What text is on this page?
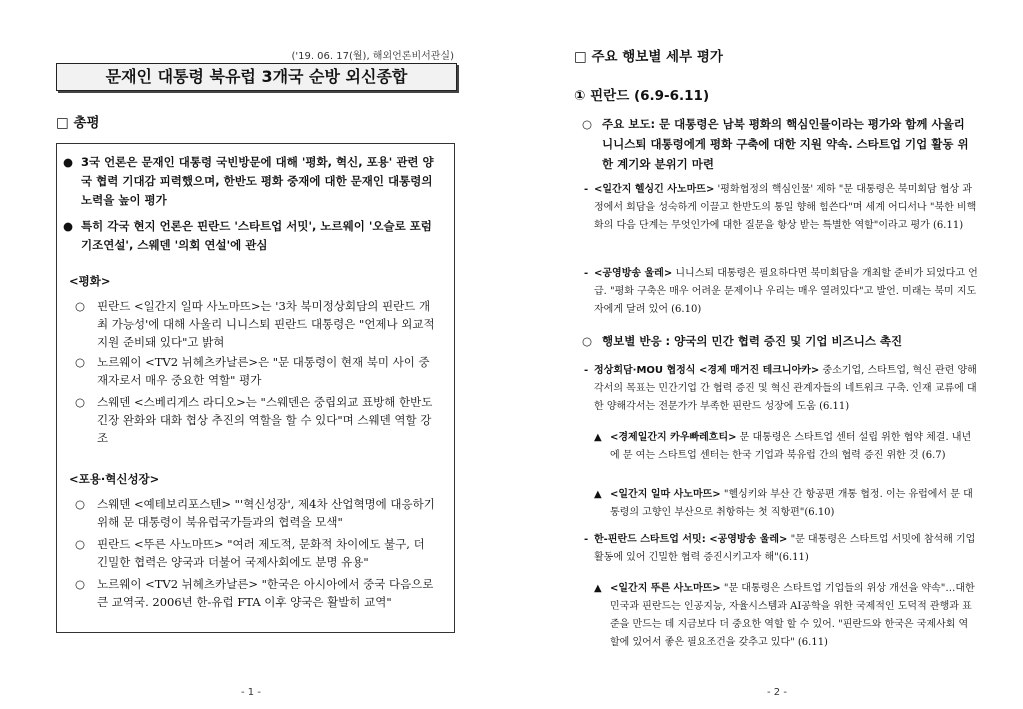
('19. 06. 17(월), 해외언론비서관실)
문재인 대통령 북유럽 3개국 순방 외신종합
□ 총평
● 3국 언론은 문재인 대통령 국빈방문에 대해 '평화, 혁신, 포용' 관련 양국 협력 기대감 피력했으며, 한반도 평화 중재에 대한 문재인 대통령의 노력을 높이 평가
● 특히 각국 현지 언론은 핀란드 '스타트업 서밋', 노르웨이 '오슬로 포럼 기조연설', 스웨덴 '의회 연설'에 관심
<평화>
○	핀란드 <일간지 일따 사노마뜨>는 '3차 북미정상회담의 핀란드 개최 가능성'에 대해 사울리 니니스퇴 핀란드 대통령은 "언제나 외교적 지원 준비돼 있다"고 밝혀
○	노르웨이 <TV2 뉘헤츠카날른>은 "문 대통령이 현재 북미 사이 중재자로서 매우 중요한 역할" 평가
○	스웨덴 <스베리게스 라디오>는 "스웨덴은 중립외교 표방해 한반도 긴장 완화와 대화 협상 추진의 역할을 할 수 있다"며 스웨덴 역할 강조
<포용·혁신성장>
○	스웨덴 <예테보리포스텐> "'혁신성장', 제4차 산업혁명에 대응하기 위해 문 대통령이 북유럽국가들과의 협력을 모색"
○	핀란드 <뚜른 사노마뜨> "여러 제도적, 문화적 차이에도 불구, 더 긴밀한 협력은 양국과 더불어 국제사회에도 분명 유용"
○	노르웨이 <TV2 뉘헤츠카날른> "한국은 아시아에서 중국 다음으로 큰 교역국. 2006년 한-유럽 FTA 이후 양국은 활발히 교역"
- 1 -
□ 주요 행보별 세부 평가
① 핀란드 (6.9-6.11)
○ 주요 보도: 문 대통령은 남북 평화의 핵심인물이라는 평가와 함께 사울리 니니스퇴 대통령에게 평화 구축에 대한 지원 약속. 스타트업 기업 활동 위한 계기와 분위기 마련
- <일간지 헬싱긴 사노마뜨> '평화협정의 핵심인물' 제하 "문 대통령은 북미회담 협상 과정에서 회담을 성숙하게 이끌고 한반도의 통일 향해 힘쓴다"며 세계 어디서나 "북한 비핵화의 다음 단계는 무엇인가에 대한 질문을 항상 받는 특별한 역할"이라고 평가 (6.11)
- <공영방송 울레> 니니스퇴 대통령은 필요하다면 북미회담을 개최할 준비가 되었다고 언급. "평화 구축은 매우 어려운 문제이나 우리는 매우 열려있다"고 발언. 미래는 북미 지도자에게 달려 있어 (6.10)
○ 행보별 반응 : 양국의 민간 협력 증진 및 기업 비즈니스 촉진
- 정상회담·MOU 협정식 <경제 매거진 테크니아카> 중소기업, 스타트업, 혁신 관련 양해각서의 목표는 민간기업 간 협력 증진 및 혁신 관계자들의 네트워크 구축. 인재 교류에 대한 양해각서는 전문가가 부족한 핀란드 성장에 도움 (6.11)
▲ <경제일간지 카우빠레흐티> 문 대통령은 스타트업 센터 설립 위한 협약 체결. 내년에 문 여는 스타트업 센터는 한국 기업과 북유럽 간의 협력 증진 위한 것 (6.7)
▲ <일간지 일따 사노마뜨> "헬싱키와 부산 간 항공편 개통 협정. 이는 유럽에서 문 대통령의 고향인 부산으로 취항하는 첫 직항편"(6.10)
- 한-핀란드 스타트업 서밋: <공영방송 울레> "문 대통령은 스타트업 서밋에 참석해 기업 활동에 있어 긴밀한 협력 증진시키고자 해"(6.11)
▲ <일간지 뚜른 사노마뜨> "문 대통령은 스타트업 기업들의 위상 개선을 약속"…대한민국과 핀란드는 인공지능, 자율시스템과 AI공학을 위한 국제적인 도덕적 관행과 표준을 만드는 데 지금보다 더 중요한 역할 할 수 있어. "핀란드와 한국은 국제사회 역할에 있어서 좋은 필요조건을 갖추고 있다" (6.11)
- 2 -
